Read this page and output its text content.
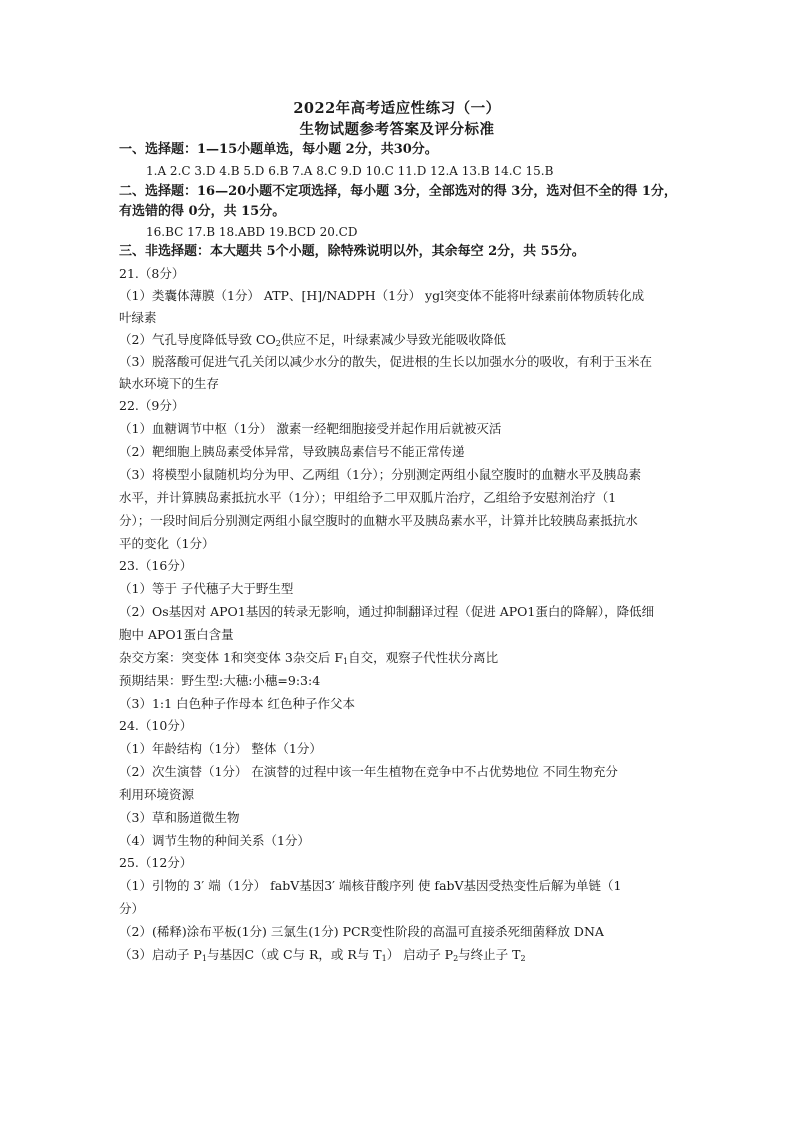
2022年高考适应性练习（一）
生物试题参考答案及评分标准
一、选择题：1—15小题单选，每小题 2分，共30分。
1.A 2.C 3.D 4.B 5.D 6.B 7.A 8.C 9.D 10.C 11.D 12.A 13.B 14.C 15.B
二、选择题：16—20小题不定项选择，每小题 3分，全部选对的得 3分，选对但不全的得 1分，
有选错的得 0分，共 15分。
16.BC 17.B 18.ABD 19.BCD 20.CD
三、非选择题：本大题共 5个小题，除特殊说明以外，其余每空 2分，共 55分。
21.（8分）
（1）类囊体薄膜（1分） ATP、[H]/NADPH（1分） ygl突变体不能将叶绿素前体物质转化成
叶绿素
（2）气孔导度降低导致 $CO_2$供应不足，叶绿素减少导致光能吸收降低
（3）脱落酸可促进气孔关闭以减少水分的散失，促进根的生长以加强水分的吸收，有利于玉米在
缺水环境下的生存
22.（9分）
（1）血糖调节中枢（1分） 激素一经靶细胞接受并起作用后就被灭活
（2）靶细胞上胰岛素受体异常，导致胰岛素信号不能正常传递
（3）将模型小鼠随机均分为甲、乙两组（1分）；分别测定两组小鼠空腹时的血糖水平及胰岛素
水平，并计算胰岛素抵抗水平（1分）；甲组给予二甲双胍片治疗，乙组给予安慰剂治疗（1
分）；一段时间后分别测定两组小鼠空腹时的血糖水平及胰岛素水平，计算并比较胰岛素抵抗水
平的变化（1分）
23.（16分）
（1）等于 子代穗子大于野生型
（2）Os基因对 APO1基因的转录无影响，通过抑制翻译过程（促进 APO1蛋白的降解），降低细
胞中 APO1蛋白含量
杂交方案：突变体 1和突变体 3杂交后 $F_1$自交，观察子代性状分离比
预期结果：野生型:大穗:小穗=9:3:4
（3）1:1 白色种子作母本 红色种子作父本
24.（10分）
（1）年龄结构（1分） 整体（1分）
（2）次生演替（1分） 在演替的过程中该一年生植物在竞争中不占优势地位 不同生物充分
利用环境资源
（3）草和肠道微生物
（4）调节生物的种间关系（1分）
25.（12分）
（1）引物的 3′ 端（1分） fabV基因3′ 端核苷酸序列 使 fabV基因受热变性后解为单链（1
分）
（2）(稀释)涂布平板(1分) 三氯生(1分) PCR变性阶段的高温可直接杀死细菌释放 DNA
（3）启动子 $P_1$与基因C（或 C与 R，或 R与 $T_1$） 启动子 $P_2$与终止子 $T_2$
